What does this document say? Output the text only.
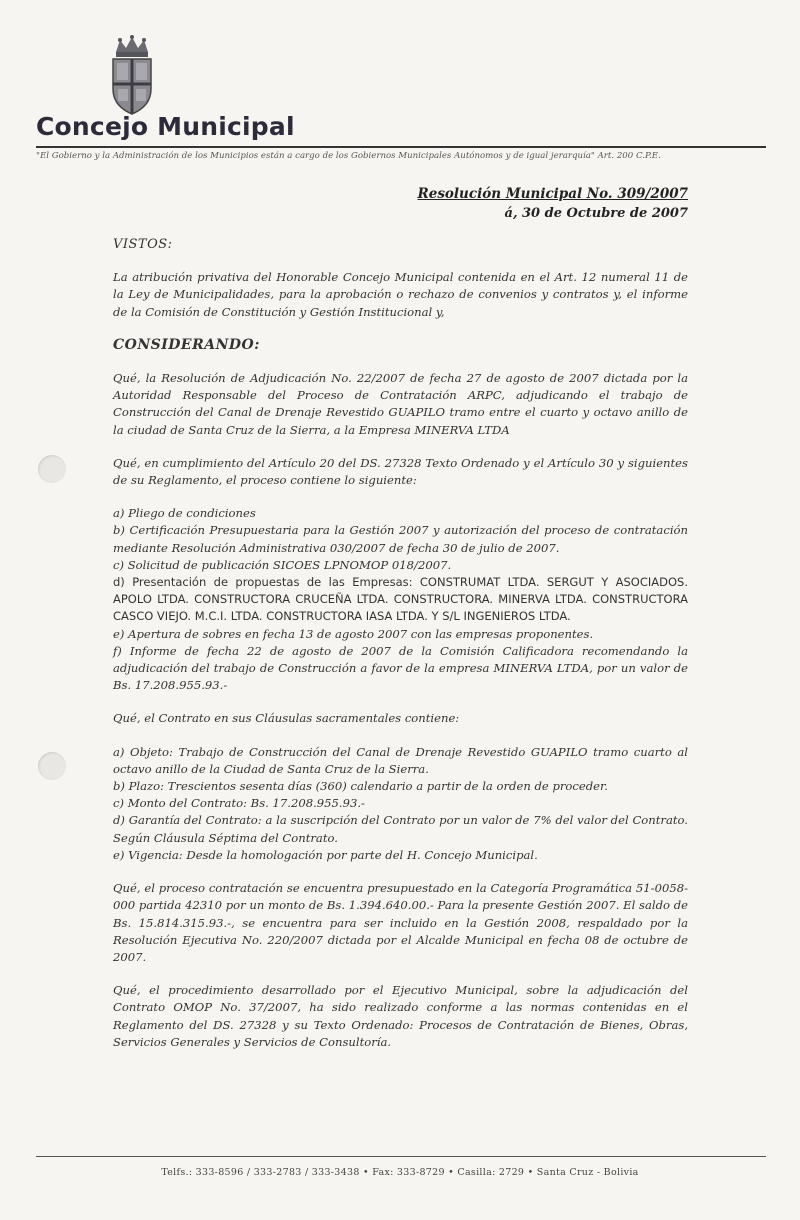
Concejo Municipal
"El Gobierno y la Administración de los Municipios están a cargo de los Gobiernos Municipales Autónomos y de igual jerarquía" Art. 200 C.P.E.
Resolución Municipal No. 309/2007
á, 30 de Octubre de 2007
VISTOS:

La atribución privativa del Honorable Concejo Municipal contenida en el Art. 12 numeral 11 de la Ley de Municipalidades, para la aprobación o rechazo de convenios y contratos y, el informe de la Comisión de Constitución y Gestión Institucional y,

CONSIDERANDO:

Qué, la Resolución de Adjudicación No. 22/2007 de fecha 27 de agosto de 2007 dictada por la Autoridad Responsable del Proceso de Contratación ARPC, adjudicando el trabajo de Construcción del Canal de Drenaje Revestido GUAPILO tramo entre el cuarto y octavo anillo de la ciudad de Santa Cruz de la Sierra, a la Empresa MINERVA LTDA

Qué, en cumplimiento del Artículo 20 del DS. 27328 Texto Ordenado y el Artículo 30 y siguientes de su Reglamento, el proceso contiene lo siguiente:

a) Pliego de condiciones
b) Certificación Presupuestaria para la Gestión 2007 y autorización del proceso de contratación mediante Resolución Administrativa 030/2007 de fecha 30 de julio de 2007.
c) Solicitud de publicación SICOES LPNOMOP 018/2007.
d) Presentación de propuestas de las Empresas: CONSTRUMAT LTDA. SERGUT Y ASOCIADOS. APOLO LTDA. CONSTRUCTORA CRUCEÑA LTDA. CONSTRUCTORA. MINERVA LTDA. CONSTRUCTORA CASCO VIEJO. M.C.I. LTDA. CONSTRUCTORA IASA LTDA. Y S/L INGENIEROS LTDA.
e) Apertura de sobres en fecha 13 de agosto 2007 con las empresas proponentes.
f) Informe de fecha 22 de agosto de 2007 de la Comisión Calificadora recomendando la adjudicación del trabajo de Construcción a favor de la empresa MINERVA LTDA, por un valor de Bs. 17.208.955.93.-

Qué, el Contrato en sus Cláusulas sacramentales contiene:

a) Objeto: Trabajo de Construcción del Canal de Drenaje Revestido GUAPILO tramo cuarto al octavo anillo de la Ciudad de Santa Cruz de la Sierra.
b) Plazo: Trescientos sesenta días (360) calendario a partir de la orden de proceder.
c) Monto del Contrato: Bs. 17.208.955.93.-
d) Garantía del Contrato: a la suscripción del Contrato por un valor de 7% del valor del Contrato. Según Cláusula Séptima del Contrato.
e) Vigencia: Desde la homologación por parte del H. Concejo Municipal.

Qué, el proceso contratación se encuentra presupuestado en la Categoría Programática 51-0058-000 partida 42310 por un monto de Bs. 1.394.640.00.- Para la presente Gestión 2007. El saldo de Bs. 15.814.315.93.-, se encuentra para ser incluido en la Gestión 2008, respaldado por la Resolución Ejecutiva No. 220/2007 dictada por el Alcalde Municipal en fecha 08 de octubre de 2007.

Qué, el procedimiento desarrollado por el Ejecutivo Municipal, sobre la adjudicación del Contrato OMOP No. 37/2007, ha sido realizado conforme a las normas contenidas en el Reglamento del DS. 27328 y su Texto Ordenado: Procesos de Contratación de Bienes, Obras, Servicios Generales y Servicios de Consultoría.

Telfs.: 333-8596 / 333-2783 / 333-3438 • Fax: 333-8729 • Casilla: 2729 • Santa Cruz - Bolivia
